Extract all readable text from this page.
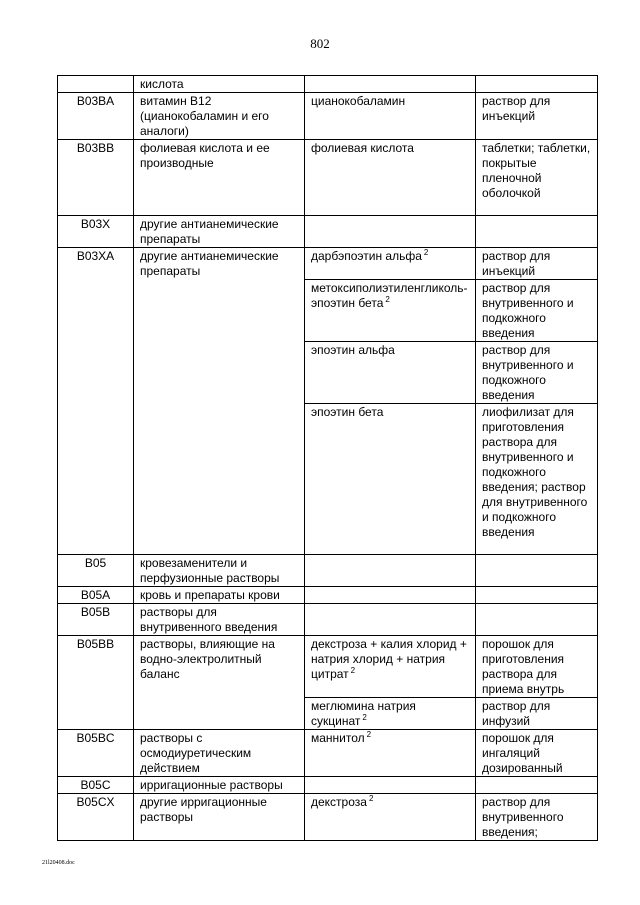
802
	кислота		
B03BA	витамин B12 (цианокобаламин и его аналоги)	цианокобаламин	раствор для инъекций
B03BB	фолиевая кислота и ее производные	фолиевая кислота	таблетки; таблетки, покрытые пленочной оболочкой
B03X	другие антианемические препараты		
B03XA	другие антианемические препараты	дарбэпоэтин альфа $^2$	раствор для инъекций
		метоксиполиэтиленгликоль-эпоэтин бета $^2$	раствор для внутривенного и подкожного введения
		эпоэтин альфа	раствор для внутривенного и подкожного введения
		эпоэтин бета	лиофилизат для приготовления раствора для внутривенного и подкожного введения; раствор для внутривенного и подкожного введения
B05	кровезаменители и перфузионные растворы		
B05A	кровь и препараты крови		
B05B	растворы для внутривенного введения		
B05BB	растворы, влияющие на водно-электролитный баланс	декстроза + калия хлорид + натрия хлорид + натрия цитрат $^2$	порошок для приготовления раствора для приема внутрь
		меглюмина натрия сукцинат $^2$	раствор для инфузий
B05BC	растворы с осмодиуретическим действием	маннитол $^2$	порошок для ингаляций дозированный
B05C	ирригационные растворы		
B05CX	другие ирригационные растворы	декстроза $^2$	раствор для внутривенного введения;
21l20408.doc
